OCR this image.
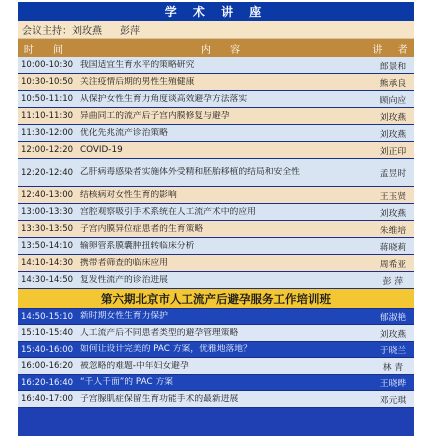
学 术 讲 座
会议主持：刘玫燕 彭萍
时 间	内 容	讲 者
10:00-10:30 我国适宜生育水平的策略研究	郎景和
10:30-10:50 关注疫情后期的男性生殖健康	熊承良
10:50-11:10 从保护女性生育力角度谈高效避孕方法落实	顾向应
11:10-11:30 异曲同工的流产后子宫内膜修复与避孕	刘玫燕
11:30-12:00 优化先兆流产诊治策略	刘玫燕
12:00-12:20 COVID-19	刘正印
12:20-12:40 乙肝病毒感染者实施体外受精和胚胎移植的结局和安全性	孟昱时
12:40-13:00 结核病对女性生育的影响	王玉贤
13:00-13:30 宫腔观察吸引手术系统在人工流产术中的应用	刘玫燕
13:30-13:50 子宫内膜异位症患者的生育策略	朱维培
13:50-14:10 输卵管系膜囊肿扭转临床分析	蒋晓莉
14:10-14:30 携带者筛查的临床应用	周希亚
14:30-14:50 复发性流产的诊治进展	彭 萍
第六期北京市人工流产后避孕服务工作培训班
14:50-15:10 新时期女性生育力保护	郁淑艳
15:10-15:40 人工流产后不同患者类型的避孕管理策略	刘玫燕
15:40-16:00 如何让设计完美的 PAC 方案，优雅地落地？	于晓兰
16:00-16:20 被忽略的难题-中年妇女避孕	林 青
16:20-16:40 “千人千面”的 PAC 方案	王晓晔
16:40-17:00 子宫腺肌症保留生育功能手术的最新进展	邓元琪
